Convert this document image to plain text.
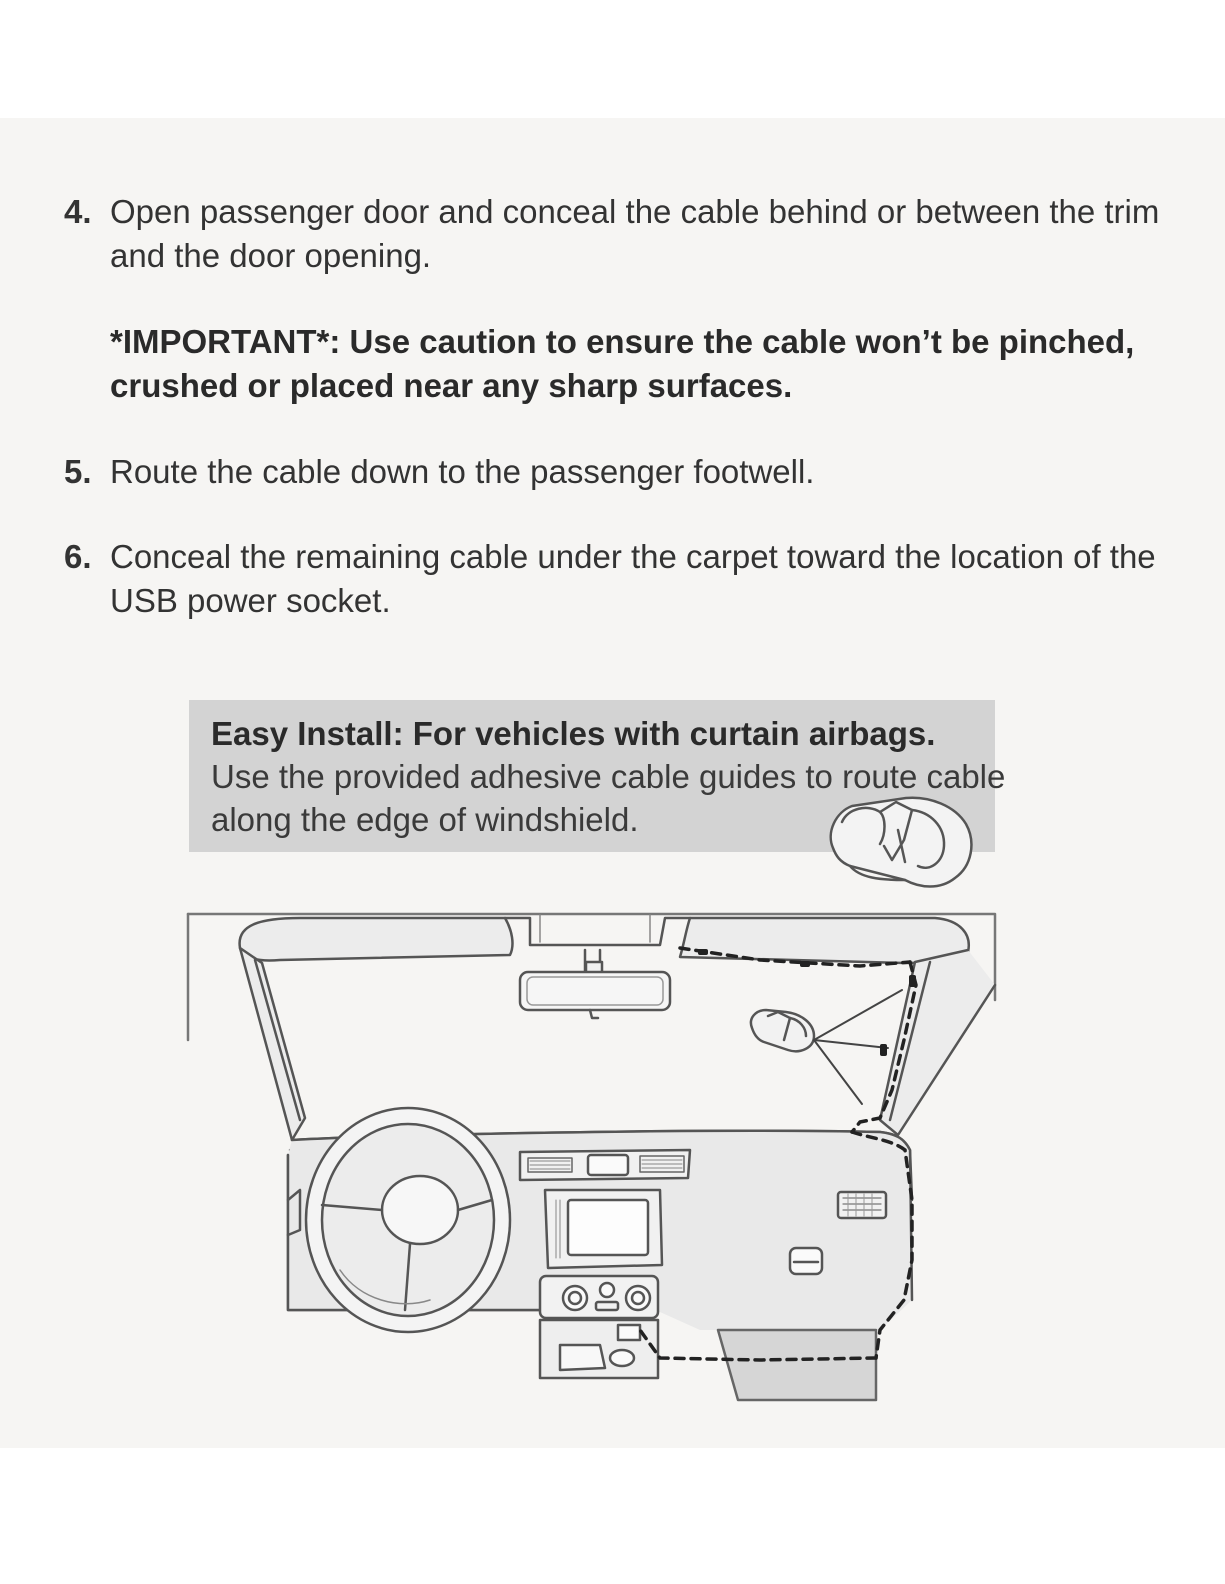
4. Open passenger door and conceal the cable behind or between the trim and the door opening.
*IMPORTANT*: Use caution to ensure the cable won’t be pinched, crushed or placed near any sharp surfaces.
5. Route the cable down to the passenger footwell.
6. Conceal the remaining cable under the carpet toward the location of the USB power socket.
Easy Install: For vehicles with curtain airbags.
Use the provided adhesive cable guides to route cable along the edge of windshield.
